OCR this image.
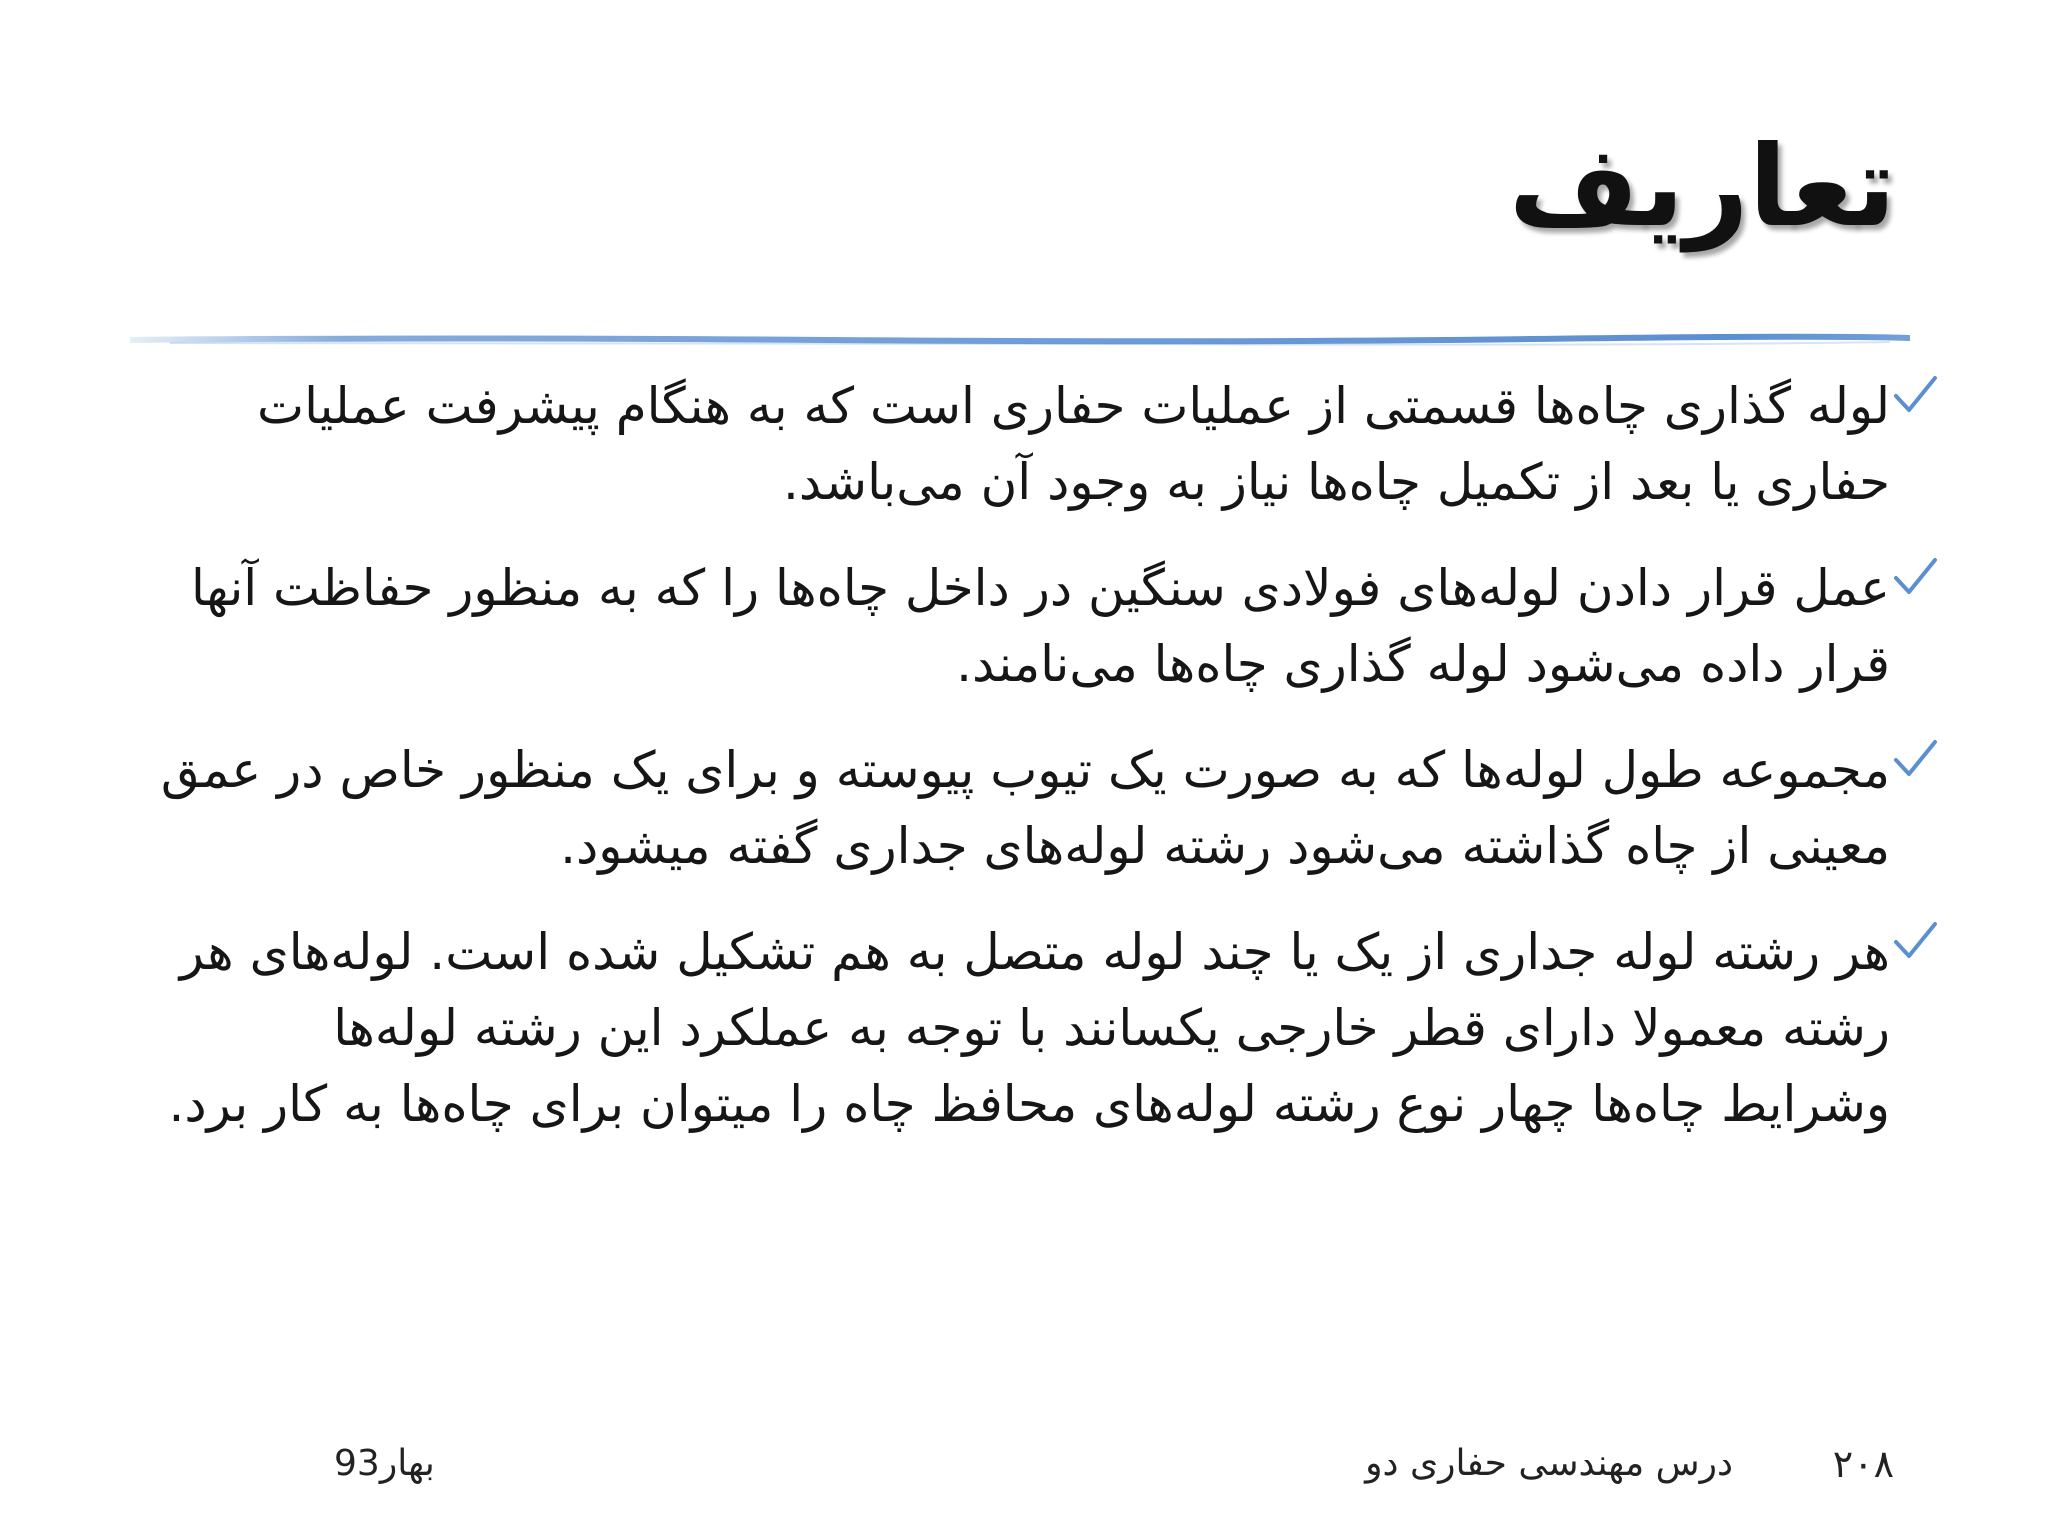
تعاریف
لوله گذاری چاه‌ها قسمتی از عملیات حفاری است که به هنگام پیشرفت عملیات حفاری یا بعد از تکمیل چاه‌ها نیاز به وجود آن می‌باشد.
عمل قرار دادن لوله‌های فولادی سنگین در داخل چاه‌ها را که به منظور حفاظت آنها قرار داده می‌شود لوله گذاری چاه‌ها می‌نامند.
مجموعه طول لوله‌ها که به صورت یک تیوب پیوسته و برای یک منظور خاص در عمق معینی از چاه گذاشته می‌شود رشته لوله‌های جداری گفته میشود.
هر رشته لوله جداری از یک یا چند لوله متصل به هم تشکیل شده است. لوله‌های هر رشته معمولا دارای قطر خارجی یکسانند با توجه به عملکرد این رشته لوله‌ها وشرایط چاه‌ها چهار نوع رشته لوله‌های محافظ چاه را میتوان برای چاه‌ها به کار برد.
۲۰۸
درس مهندسی حفاری دو
بهار93
